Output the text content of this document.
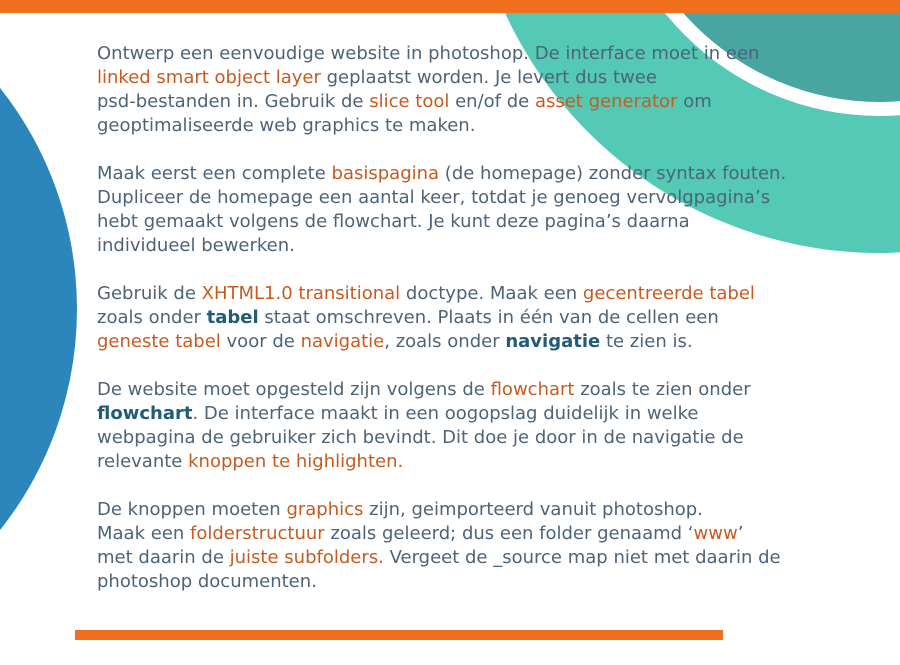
Ontwerp een eenvoudige website in photoshop. De interface moet in een
linked smart object layer geplaatst worden. Je levert dus twee
psd-bestanden in. Gebruik de slice tool en/of de asset generator om
geoptimaliseerde web graphics te maken.
Maak eerst een complete basispagina (de homepage) zonder syntax fouten.
Dupliceer de homepage een aantal keer, totdat je genoeg vervolgpagina’s
hebt gemaakt volgens de flowchart. Je kunt deze pagina’s daarna
individueel bewerken.
Gebruik de XHTML1.0 transitional doctype. Maak een gecentreerde tabel
zoals onder tabel staat omschreven. Plaats in één van de cellen een
geneste tabel voor de navigatie, zoals onder navigatie te zien is.
De website moet opgesteld zijn volgens de flowchart zoals te zien onder
flowchart. De interface maakt in een oogopslag duidelijk in welke
webpagina de gebruiker zich bevindt. Dit doe je door in de navigatie de
relevante knoppen te highlighten.
De knoppen moeten graphics zijn, geimporteerd vanuit photoshop.
Maak een folderstructuur zoals geleerd; dus een folder genaamd ‘www’
met daarin de juiste subfolders. Vergeet de _source map niet met daarin de
photoshop documenten.
